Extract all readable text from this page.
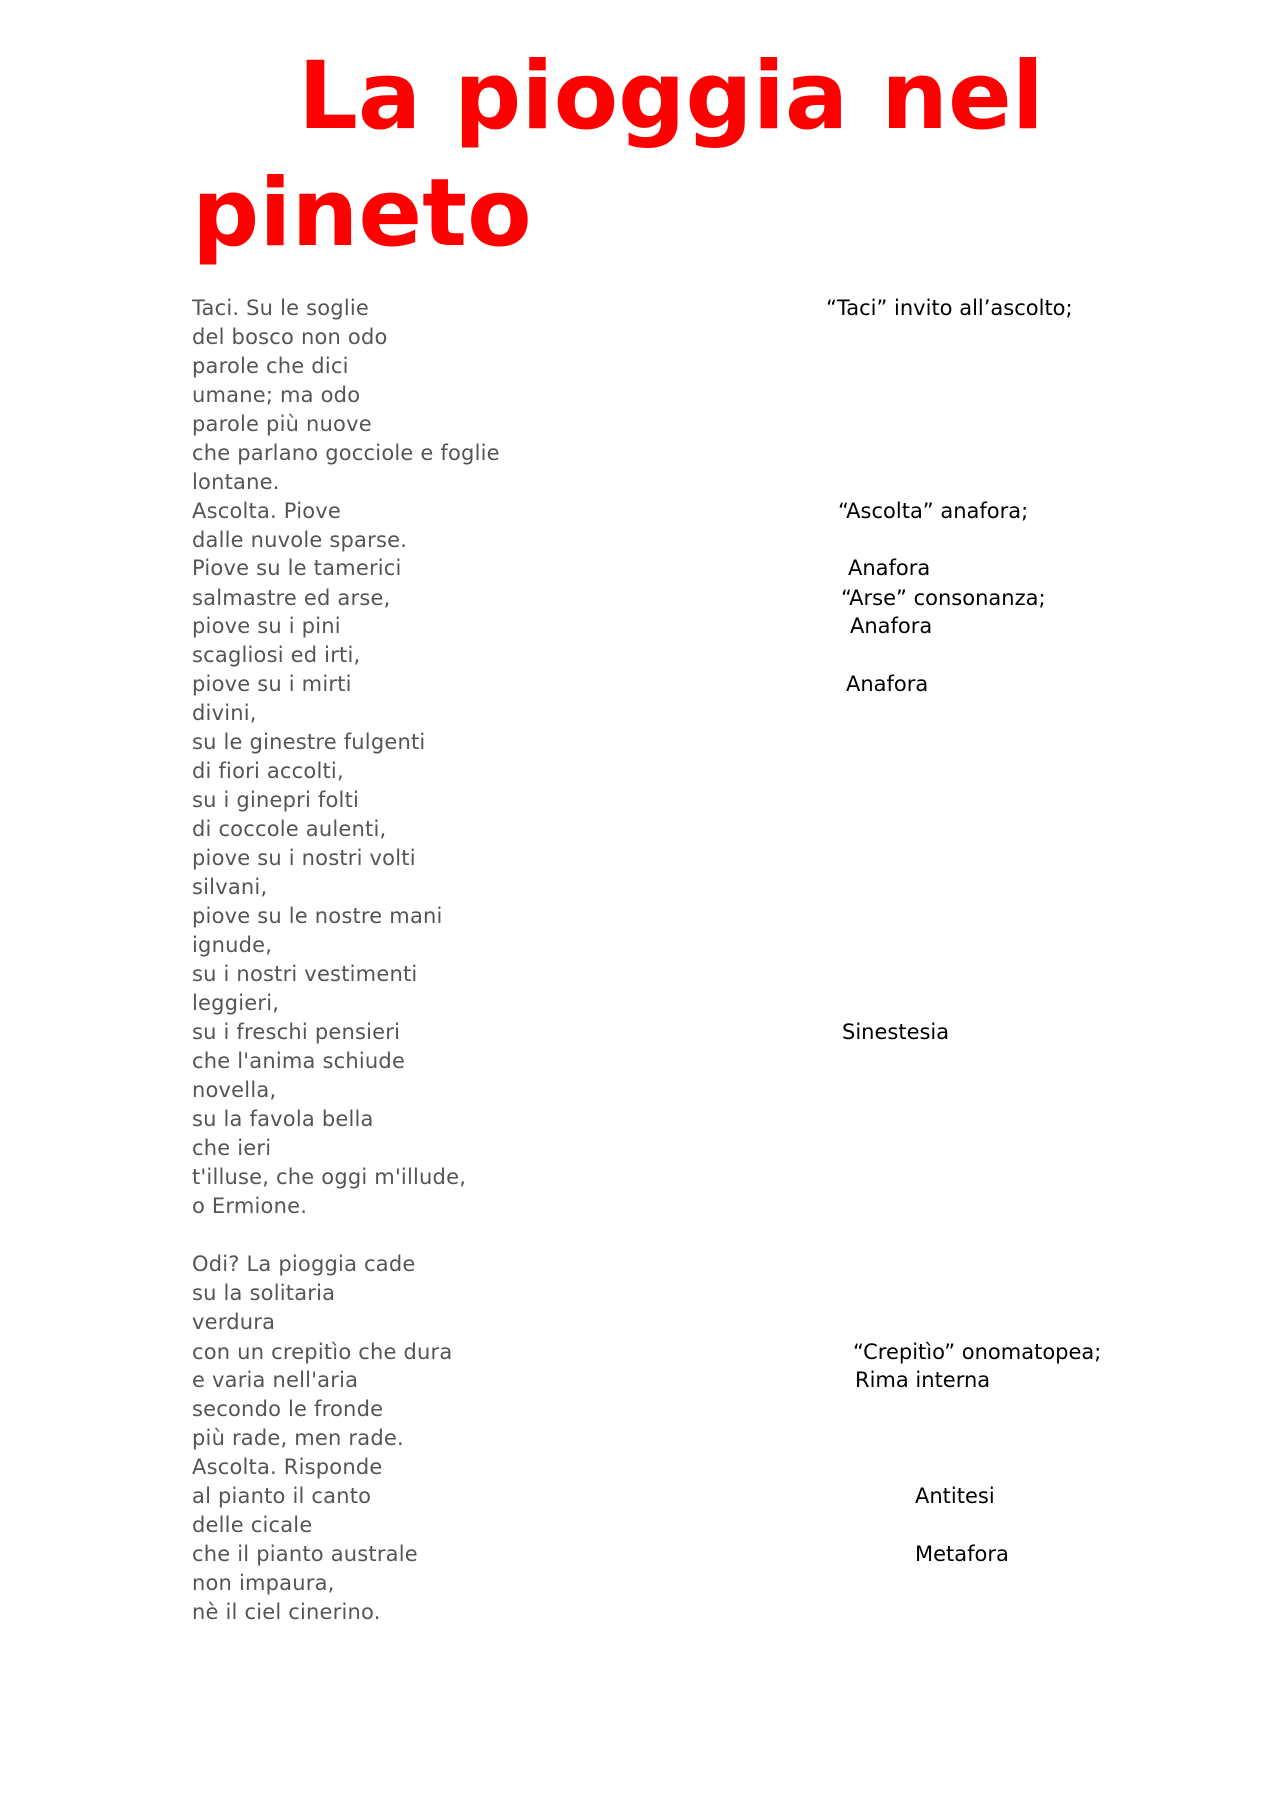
La pioggia nel
pineto

Taci. Su le soglie

del bosco non odo

parole che dici

umane; ma odo

parole più nuove

che parlano gocciole e foglie

lontane.

Ascolta. Piove

dalle nuvole sparse.

Piove su le tamerici

salmastre ed arse,

piove su i pini

scagliosi ed irti,

piove su i mirti

divini,

su le ginestre fulgenti

di fiori accolti,

su i ginepri folti

di coccole aulenti,

piove su i nostri volti

silvani,

piove su le nostre mani

ignude,

su i nostri vestimenti

leggieri,

su i freschi pensieri

che l'anima schiude

novella,

su la favola bella

che ieri

t'illuse, che oggi m'illude,

o Ermione.

Odi? La pioggia cade

su la solitaria

verdura

con un crepitìo che dura

e varia nell'aria

secondo le fronde

più rade, men rade.

Ascolta. Risponde

al pianto il canto

delle cicale

che il pianto australe

non impaura,

nè il ciel cinerino.

“Taci” invito all’ascolto;

“Ascolta” anafora;

Anafora

“Arse” consonanza;

Anafora

Anafora

Sinestesia

“Crepitìo” onomatopea;

Rima interna

Antitesi

Metafora
